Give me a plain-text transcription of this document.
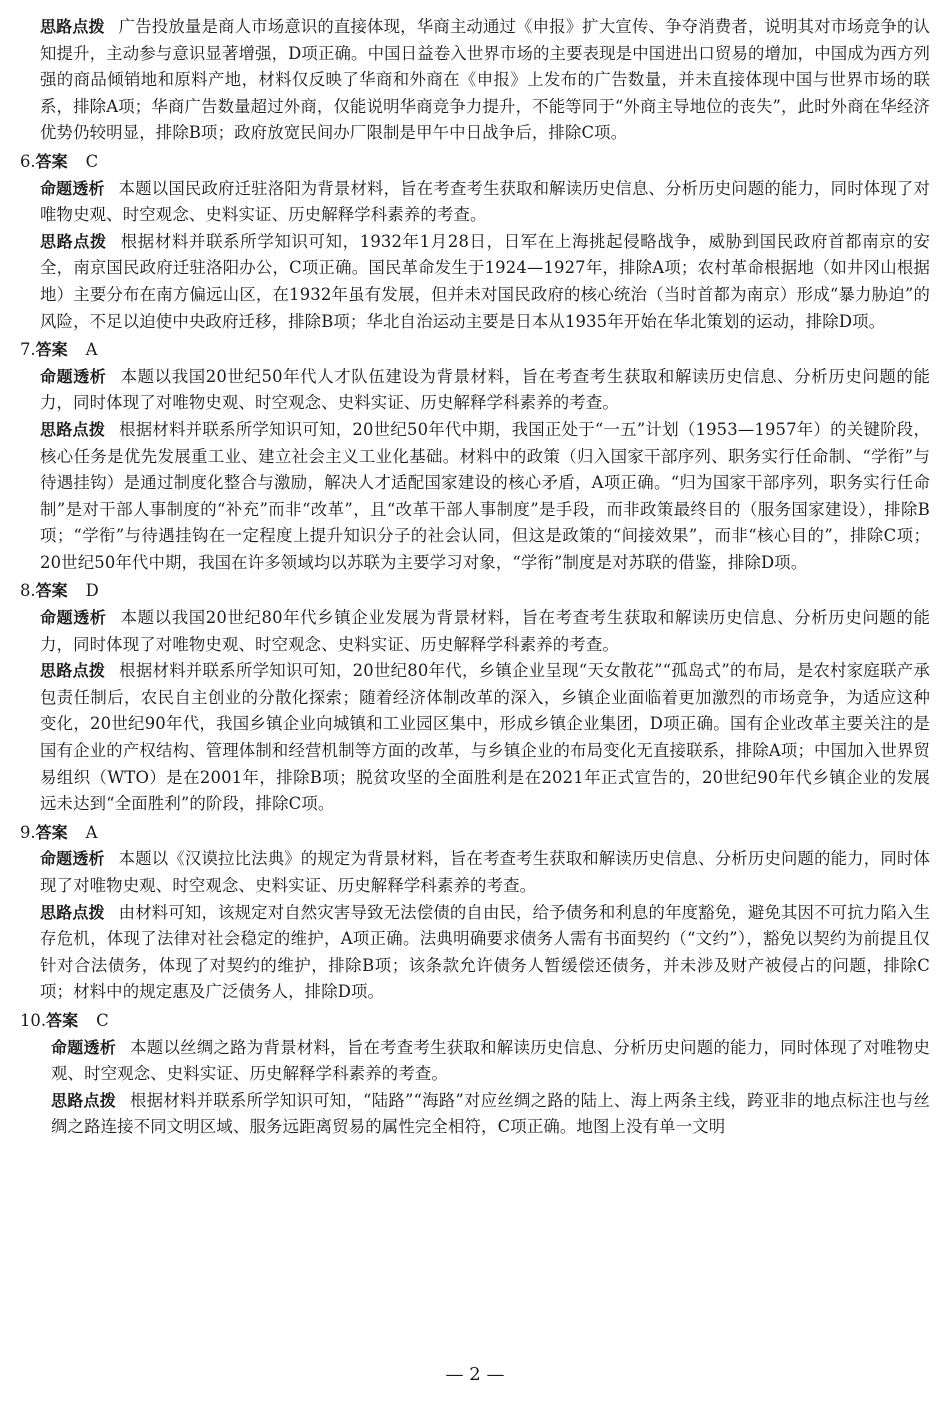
思路点拨 广告投放量是商人市场意识的直接体现，华商主动通过《申报》扩大宣传、争夺消费者，说明其对市场竞争的认知提升，主动参与意识显著增强，D项正确。中国日益卷入世界市场的主要表现是中国进出口贸易的增加，中国成为西方列强的商品倾销地和原料产地，材料仅反映了华商和外商在《申报》上发布的广告数量，并未直接体现中国与世界市场的联系，排除A项；华商广告数量超过外商，仅能说明华商竞争力提升，不能等同于“外商主导地位的丧失”，此时外商在华经济优势仍较明显，排除B项；政府放宽民间办厂限制是甲午中日战争后，排除C项。

6.答案 C

命题透析 本题以国民政府迁驻洛阳为背景材料，旨在考查考生获取和解读历史信息、分析历史问题的能力，同时体现了对唯物史观、时空观念、史料实证、历史解释学科素养的考查。

思路点拨 根据材料并联系所学知识可知，1932年1月28日，日军在上海挑起侵略战争，威胁到国民政府首都南京的安全，南京国民政府迁驻洛阳办公，C项正确。国民革命发生于1924—1927年，排除A项；农村革命根据地（如井冈山根据地）主要分布在南方偏远山区，在1932年虽有发展，但并未对国民政府的核心统治（当时首都为南京）形成“暴力胁迫”的风险，不足以迫使中央政府迁移，排除B项；华北自治运动主要是日本从1935年开始在华北策划的运动，排除D项。

7.答案 A

命题透析 本题以我国20世纪50年代人才队伍建设为背景材料，旨在考查考生获取和解读历史信息、分析历史问题的能力，同时体现了对唯物史观、时空观念、史料实证、历史解释学科素养的考查。

思路点拨 根据材料并联系所学知识可知，20世纪50年代中期，我国正处于“一五”计划（1953—1957年）的关键阶段，核心任务是优先发展重工业、建立社会主义工业化基础。材料中的政策（归入国家干部序列、职务实行任命制、“学衔”与待遇挂钩）是通过制度化整合与激励，解决人才适配国家建设的核心矛盾，A项正确。“归为国家干部序列，职务实行任命制”是对干部人事制度的“补充”而非“改革”，且“改革干部人事制度”是手段，而非政策最终目的（服务国家建设），排除B项；“学衔”与待遇挂钩在一定程度上提升知识分子的社会认同，但这是政策的“间接效果”，而非“核心目的”，排除C项；20世纪50年代中期，我国在许多领域均以苏联为主要学习对象，“学衔”制度是对苏联的借鉴，排除D项。

8.答案 D

命题透析 本题以我国20世纪80年代乡镇企业发展为背景材料，旨在考查考生获取和解读历史信息、分析历史问题的能力，同时体现了对唯物史观、时空观念、史料实证、历史解释学科素养的考查。

思路点拨 根据材料并联系所学知识可知，20世纪80年代，乡镇企业呈现“天女散花”“孤岛式”的布局，是农村家庭联产承包责任制后，农民自主创业的分散化探索；随着经济体制改革的深入，乡镇企业面临着更加激烈的市场竞争，为适应这种变化，20世纪90年代，我国乡镇企业向城镇和工业园区集中，形成乡镇企业集团，D项正确。国有企业改革主要关注的是国有企业的产权结构、管理体制和经营机制等方面的改革，与乡镇企业的布局变化无直接联系，排除A项；中国加入世界贸易组织（WTO）是在2001年，排除B项；脱贫攻坚的全面胜利是在2021年正式宣告的，20世纪90年代乡镇企业的发展远未达到“全面胜利”的阶段，排除C项。

9.答案 A

命题透析 本题以《汉谟拉比法典》的规定为背景材料，旨在考查考生获取和解读历史信息、分析历史问题的能力，同时体现了对唯物史观、时空观念、史料实证、历史解释学科素养的考查。

思路点拨 由材料可知，该规定对自然灾害导致无法偿债的自由民，给予债务和利息的年度豁免，避免其因不可抗力陷入生存危机，体现了法律对社会稳定的维护，A项正确。法典明确要求债务人需有书面契约（“文约”），豁免以契约为前提且仅针对合法债务，体现了对契约的维护，排除B项；该条款允许债务人暂缓偿还债务，并未涉及财产被侵占的问题，排除C项；材料中的规定惠及广泛债务人，排除D项。

10.答案 C

命题透析 本题以丝绸之路为背景材料，旨在考查考生获取和解读历史信息、分析历史问题的能力，同时体现了对唯物史观、时空观念、史料实证、历史解释学科素养的考查。

思路点拨 根据材料并联系所学知识可知，“陆路”“海路”对应丝绸之路的陆上、海上两条主线，跨亚非的地点标注也与丝绸之路连接不同文明区域、服务远距离贸易的属性完全相符，C项正确。地图上没有单一文明

— 2 —
